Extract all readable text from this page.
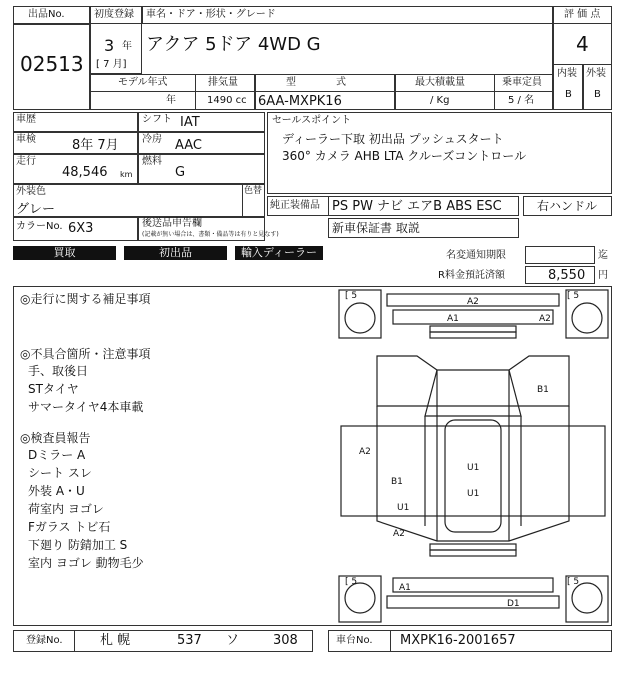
出品No.
02513
初度登録
3 年
[ 7 月]
車名・ドア・形状・グレード
アクア 5ドア 4WD G
モデル年式
年
排気量
1490 cc
型　　　　式
6AA-MXPK16
最大積載量
/ Kg
乗車定員
5 / 名
評 価 点
4
内装 外装
B B
車歴
車検	8年 7月
走行
48,546 km
シフト IAT
冷房 AAC
燃料
G
セールスポイント
ディーラー下取 初出品 プッシュスタート
360° カメラ AHB LTA クルーズコントロール
外装色
グレー
色替
純正装備品 PS PW ナビ エアB ABS ESC	右ハンドル
カラーNo. 6X3	後送品申告欄
(記載が無い場合は、書類・備品等は有りと見なす)	新車保証書 取説
買取	初出品	輸入ディーラー	名変通知期限	迄
R料金預託済額	8,550 円
◎走行に関する補足事項
◎不具合箇所・注意事項
手、取後日
STタイヤ
サマータイヤ4本車載
◎検査員報告
Dミラー A
シート スレ
外装 A・U
荷室内 ヨゴレ
Fガラス トビ石
下廻り 防錆加工 S
室内 ヨゴレ 動物毛少
[ 5	[ 5
[ 5	[ 5
A2
A1	A2
B1
A2
U1
U1
B1
U1
A2
A1
D1
登録No.	札 幌	537 ソ	308	車台No. MXPK16-2001657
